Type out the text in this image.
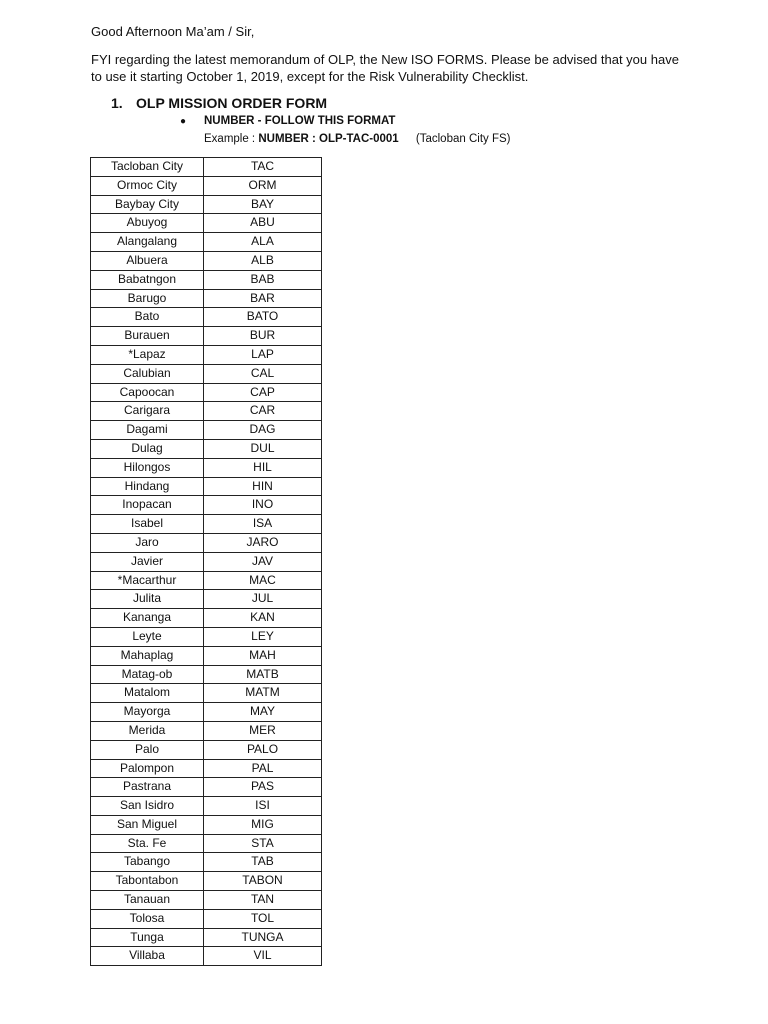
Good Afternoon Ma’am / Sir,
FYI regarding the latest memorandum of OLP, the New ISO FORMS. Please be advised that you have to use it starting October 1, 2019, except for the Risk Vulnerability Checklist.
1. OLP MISSION ORDER FORM
● NUMBER - FOLLOW THIS FORMAT
Example : NUMBER : OLP-TAC-0001 (Tacloban City FS)
Tacloban City	TAC
Ormoc City	ORM
Baybay City	BAY
Abuyog	ABU
Alangalang	ALA
Albuera	ALB
Babatngon	BAB
Barugo	BAR
Bato	BATO
Burauen	BUR
*Lapaz	LAP
Calubian	CAL
Capoocan	CAP
Carigara	CAR
Dagami	DAG
Dulag	DUL
Hilongos	HIL
Hindang	HIN
Inopacan	INO
Isabel	ISA
Jaro	JARO
Javier	JAV
*Macarthur	MAC
Julita	JUL
Kananga	KAN
Leyte	LEY
Mahaplag	MAH
Matag-ob	MATB
Matalom	MATM
Mayorga	MAY
Merida	MER
Palo	PALO
Palompon	PAL
Pastrana	PAS
San Isidro	ISI
San Miguel	MIG
Sta. Fe	STA
Tabango	TAB
Tabontabon	TABON
Tanauan	TAN
Tolosa	TOL
Tunga	TUNGA
Villaba	VIL
